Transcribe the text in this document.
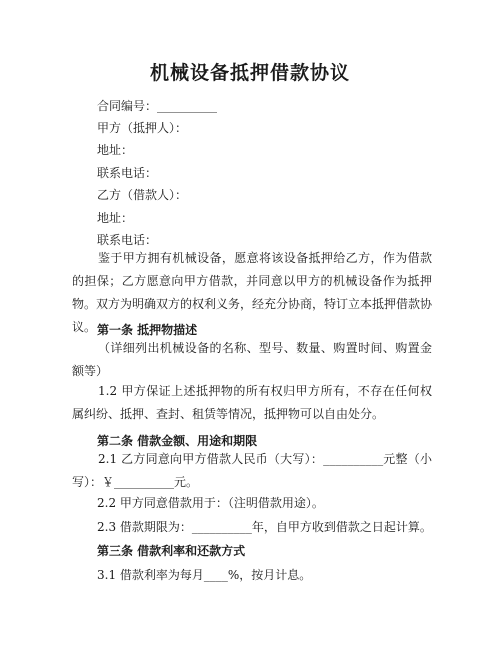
机械设备抵押借款协议
合同编号：__________
甲方（抵押人）：
地址：
联系电话：
乙方（借款人）：
地址：
联系电话：
鉴于甲方拥有机械设备，愿意将该设备抵押给乙方，作为借款的担保；乙方愿意向甲方借款，并同意以甲方的机械设备作为抵押物。双方为明确双方的权利义务，经充分协商，特订立本抵押借款协议。 第一条 抵押物描述
（详细列出机械设备的名称、型号、数量、购置时间、购置金额等）
1.2 甲方保证上述抵押物的所有权归甲方所有，不存在任何权属纠纷、抵押、查封、租赁等情况，抵押物可以自由处分。
第二条 借款金额、用途和期限
2.1 乙方同意向甲方借款人民币（大写）：__________元整（小写）：￥__________元。
2.2 甲方同意借款用于：（注明借款用途）。
2.3 借款期限为：__________年，自甲方收到借款之日起计算。
第三条 借款利率和还款方式
3.1 借款利率为每月____%，按月计息。
